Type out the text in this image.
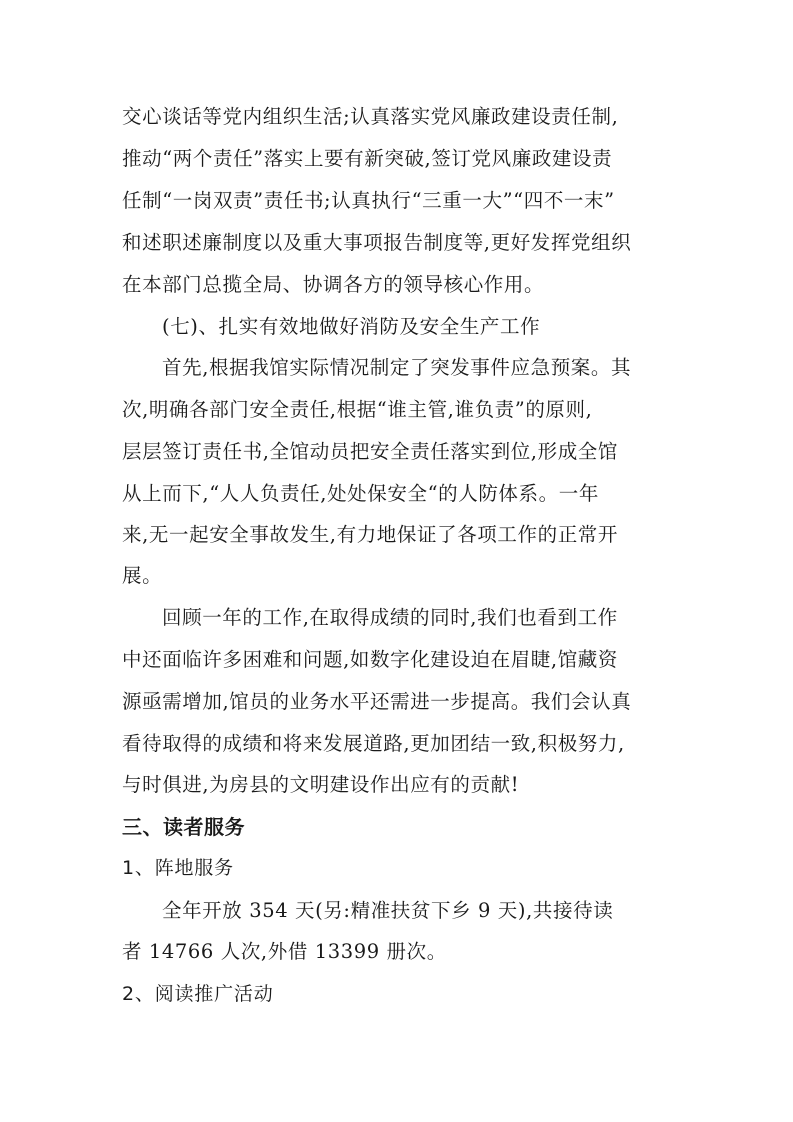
交心谈话等党内组织生活;认真落实党风廉政建设责任制,
推动“两个责任”落实上要有新突破,签订党风廉政建设责
任制“一岗双责”责任书;认真执行“三重一大”“四不一末”
和述职述廉制度以及重大事项报告制度等,更好发挥党组织
在本部门总揽全局、协调各方的领导核心作用。
(七)、扎实有效地做好消防及安全生产工作
首先,根据我馆实际情况制定了突发事件应急预案。其
次,明确各部门安全责任,根据“谁主管,谁负责”的原则,
层层签订责任书,全馆动员把安全责任落实到位,形成全馆
从上而下,“人人负责任,处处保安全“的人防体系。一年
来,无一起安全事故发生,有力地保证了各项工作的正常开
展。
回顾一年的工作,在取得成绩的同时,我们也看到工作
中还面临许多困难和问题,如数字化建设迫在眉睫,馆藏资
源亟需增加,馆员的业务水平还需进一步提高。我们会认真
看待取得的成绩和将来发展道路,更加团结一致,积极努力,
与时俱进,为房县的文明建设作出应有的贡献!
三、读者服务
1、阵地服务
全年开放 354 天(另:精准扶贫下乡 9 天),共接待读
者 14766 人次,外借 13399 册次。
2、阅读推广活动
